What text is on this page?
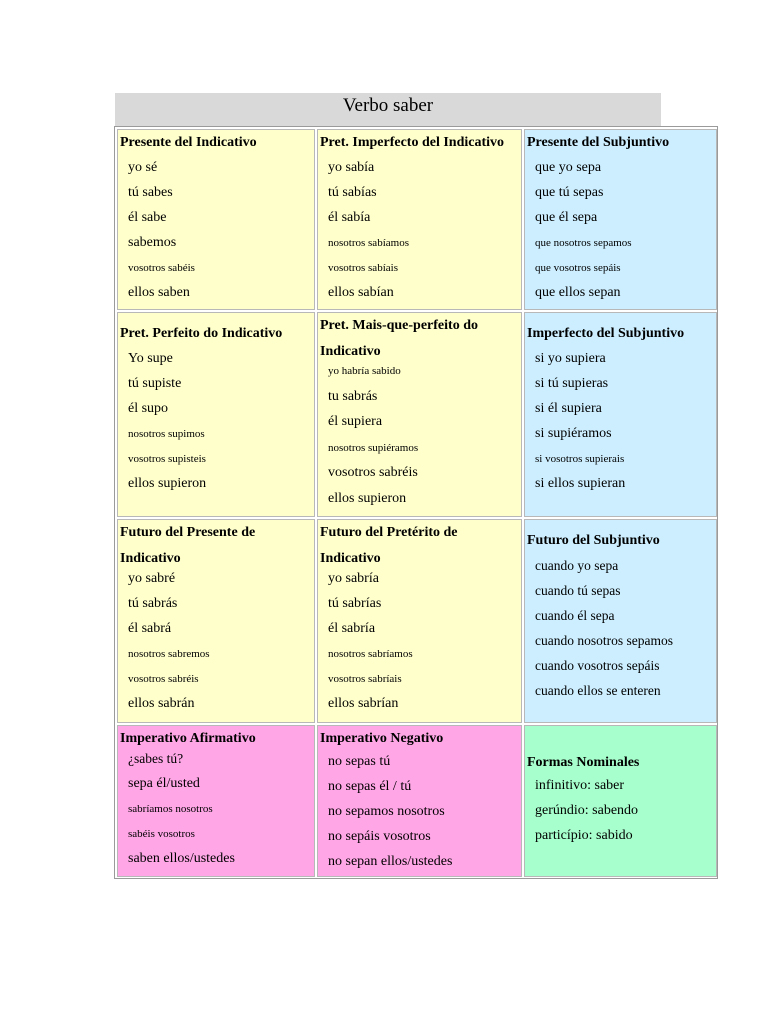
Verbo saber
Presente del Indicativo
yo sé
tú sabes
él sabe
sabemos
vosotros sabéis
ellos saben
Pret. Imperfecto del Indicativo
yo sabía
tú sabías
él sabía
nosotros sabíamos
vosotros sabíais
ellos sabían
Presente del Subjuntivo
que yo sepa
que tú sepas
que él sepa
que nosotros sepamos
que vosotros sepáis
que ellos sepan
Pret. Perfeito do Indicativo
Yo supe
tú supiste
él supo
nosotros supimos
vosotros supisteis
ellos supieron
Pret. Mais-que-perfeito do
Indicativo
yo habría sabido
tu sabrás
él supiera
nosotros supiéramos
vosotros sabréis
ellos supieron
Imperfecto del Subjuntivo
si yo supiera
si tú supieras
si él supiera
si supiéramos
si vosotros supierais
si ellos supieran
Futuro del Presente de
Indicativo
yo sabré
tú sabrás
él sabrá
nosotros sabremos
vosotros sabréis
ellos sabrán
Futuro del Pretérito de
Indicativo
yo sabría
tú sabrías
él sabría
nosotros sabríamos
vosotros sabríais
ellos sabrían
Futuro del Subjuntivo
cuando yo sepa
cuando tú sepas
cuando él sepa
cuando nosotros sepamos
cuando vosotros sepáis
cuando ellos se enteren
Imperativo Afirmativo
¿sabes tú?
sepa él/usted
sabríamos nosotros
sabéis vosotros
saben ellos/ustedes
Imperativo Negativo
no sepas tú
no sepas él / tú
no sepamos nosotros
no sepáis vosotros
no sepan ellos/ustedes
Formas Nominales
infinitivo: saber
gerúndio: sabendo
particípio: sabido
